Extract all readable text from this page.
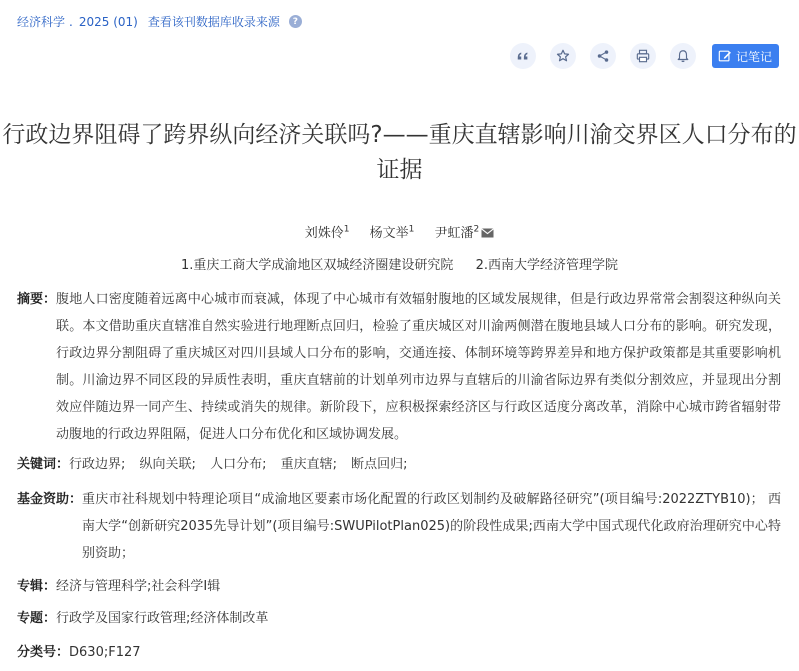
经济科学 . 2025 (01) 查看该刊数据库收录来源	?
记笔记
行政边界阻碍了跨界纵向经济关联吗?——重庆直辖影响川渝交界区人口分布的证据
刘姝伶$^1$ 杨文举$^1$ 尹虹潘$^2$
1.重庆工商大学成渝地区双城经济圈建设研究院 2.西南大学经济管理学院
摘要： 腹地人口密度随着远离中心城市而衰减，体现了中心城市有效辐射腹地的区域发展规律，但是行政边界常常会割裂这种纵向关联。本文借助重庆直辖准自然实验进行地理断点回归，检验了重庆城区对川渝两侧潜在腹地县域人口分布的影响。研究发现，行政边界分割阻碍了重庆城区对四川县域人口分布的影响，交通连接、体制环境等跨界差异和地方保护政策都是其重要影响机制。川渝边界不同区段的异质性表明，重庆直辖前的计划单列市边界与直辖后的川渝省际边界有类似分割效应，并显现出分割效应伴随边界一同产生、持续或消失的规律。新阶段下，应积极探索经济区与行政区适度分离改革，消除中心城市跨省辐射带动腹地的行政边界阻隔，促进人口分布优化和区域协调发展。
关键词： 行政边界; 纵向关联; 人口分布; 重庆直辖; 断点回归;
基金资助： 重庆市社科规划中特理论项目“成渝地区要素市场化配置的行政区划制约及破解路径研究”(项目编号:2022ZTYB10)； 西南大学“创新研究2035先导计划”(项目编号:SWUPilotPlan025)的阶段性成果;西南大学中国式现代化政府治理研究中心特别资助；
专辑： 经济与管理科学;社会科学Ⅰ辑
专题： 行政学及国家行政管理;经济体制改革
分类号： D630;F127
